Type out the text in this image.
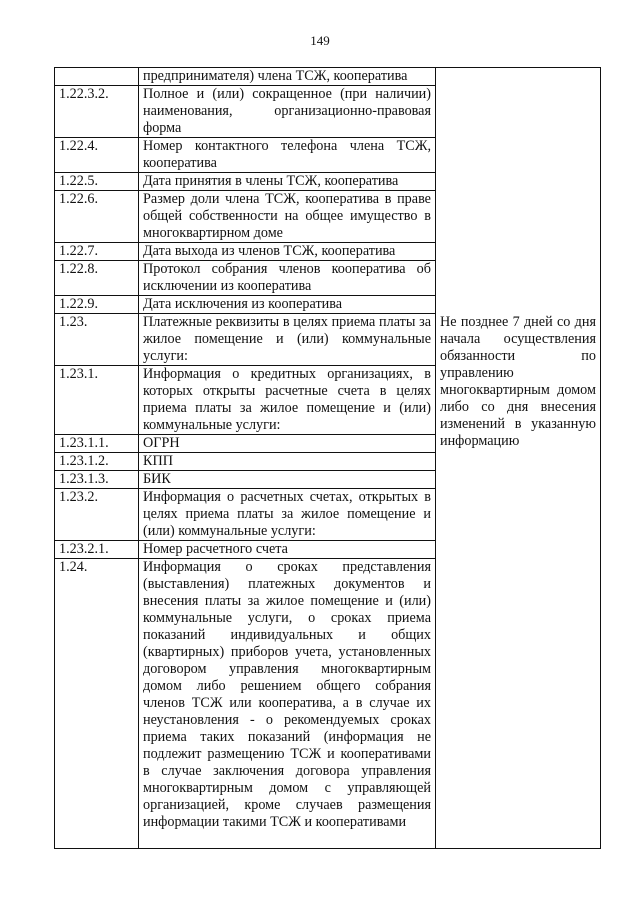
149
	предпринимателя) члена ТСЖ, кооператива	
1.22.3.2.	Полное и (или) сокращенное (при наличии) наименования, организационно-правовая форма	
1.22.4.	Номер контактного телефона члена ТСЖ, кооператива	
1.22.5.	Дата принятия в члены ТСЖ, кооператива	
1.22.6.	Размер доли члена ТСЖ, кооператива в праве общей собственности на общее имущество в многоквартирном доме	
1.22.7.	Дата выхода из членов ТСЖ, кооператива	
1.22.8.	Протокол собрания членов кооператива об исключении из кооператива	
1.22.9.	Дата исключения из кооператива	
1.23.	Платежные реквизиты в целях приема платы за жилое помещение и (или) коммунальные услуги:	Не позднее 7 дней со дня начала осуществления обязанности по управлению многоквартирным домом либо со дня внесения изменений в указанную информацию

1.23.1.	Информация о кредитных организациях, в которых открыты расчетные счета в целях приема платы за жилое помещение и (или) коммунальные услуги:	
1.23.1.1.	ОГРН	
1.23.1.2.	КПП	
1.23.1.3.	БИК	
1.23.2.	Информация о расчетных счетах, открытых в целях приема платы за жилое помещение и (или) коммунальные услуги:	
1.23.2.1.	Номер расчетного счета	
1.24.	Информация о сроках представления (выставления) платежных документов и внесения платы за жилое помещение и (или) коммунальные услуги, о сроках приема показаний индивидуальных и общих (квартирных) приборов учета, установленных договором управления многоквартирным домом либо решением общего собрания членов ТСЖ или кооператива, а в случае их неустановления - о рекомендуемых сроках приема таких показаний (информация не подлежит размещению ТСЖ и кооперативами в случае заключения договора управления многоквартирным домом с управляющей организацией, кроме случаев размещения информации такими ТСЖ и кооперативами	
